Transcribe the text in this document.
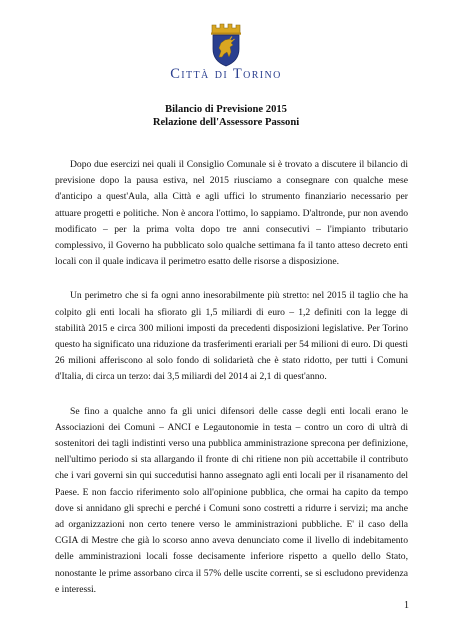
Città di Torino
Bilancio di Previsione 2015
Relazione dell'Assessore Passoni

Dopo due esercizi nei quali il Consiglio Comunale si è trovato a discutere il bilancio di previsione dopo la pausa estiva, nel 2015 riusciamo a consegnare con qualche mese d'anticipo a quest'Aula, alla Città e agli uffici lo strumento finanziario necessario per attuare progetti e politiche. Non è ancora l'ottimo, lo sappiamo. D'altronde, pur non avendo modificato – per la prima volta dopo tre anni consecutivi – l'impianto tributario complessivo, il Governo ha pubblicato solo qualche settimana fa il tanto atteso decreto enti locali con il quale indicava il perimetro esatto delle risorse a disposizione.

Un perimetro che si fa ogni anno inesorabilmente più stretto: nel 2015 il taglio che ha colpito gli enti locali ha sfiorato gli 1,5 miliardi di euro – 1,2 definiti con la legge di stabilità 2015 e circa 300 milioni imposti da precedenti disposizioni legislative. Per Torino questo ha significato una riduzione da trasferimenti erariali per 54 milioni di euro. Di questi 26 milioni afferiscono al solo fondo di solidarietà che è stato ridotto, per tutti i Comuni d'Italia, di circa un terzo: dai 3,5 miliardi del 2014 ai 2,1 di quest'anno.

Se fino a qualche anno fa gli unici difensori delle casse degli enti locali erano le Associazioni dei Comuni – ANCI e Legautonomie in testa – contro un coro di ultrà di sostenitori dei tagli indistinti verso una pubblica amministrazione sprecona per definizione, nell'ultimo periodo si sta allargando il fronte di chi ritiene non più accettabile il contributo che i vari governi sin qui succedutisi hanno assegnato agli enti locali per il risanamento del Paese. E non faccio riferimento solo all'opinione pubblica, che ormai ha capito da tempo dove si annidano gli sprechi e perché i Comuni sono costretti a ridurre i servizi; ma anche ad organizzazioni non certo tenere verso le amministrazioni pubbliche. E' il caso della CGIA di Mestre che già lo scorso anno aveva denunciato come il livello di indebitamento delle amministrazioni locali fosse decisamente inferiore rispetto a quello dello Stato, nonostante le prime assorbano circa il 57% delle uscite correnti, se si escludono previdenza e interessi.

1
